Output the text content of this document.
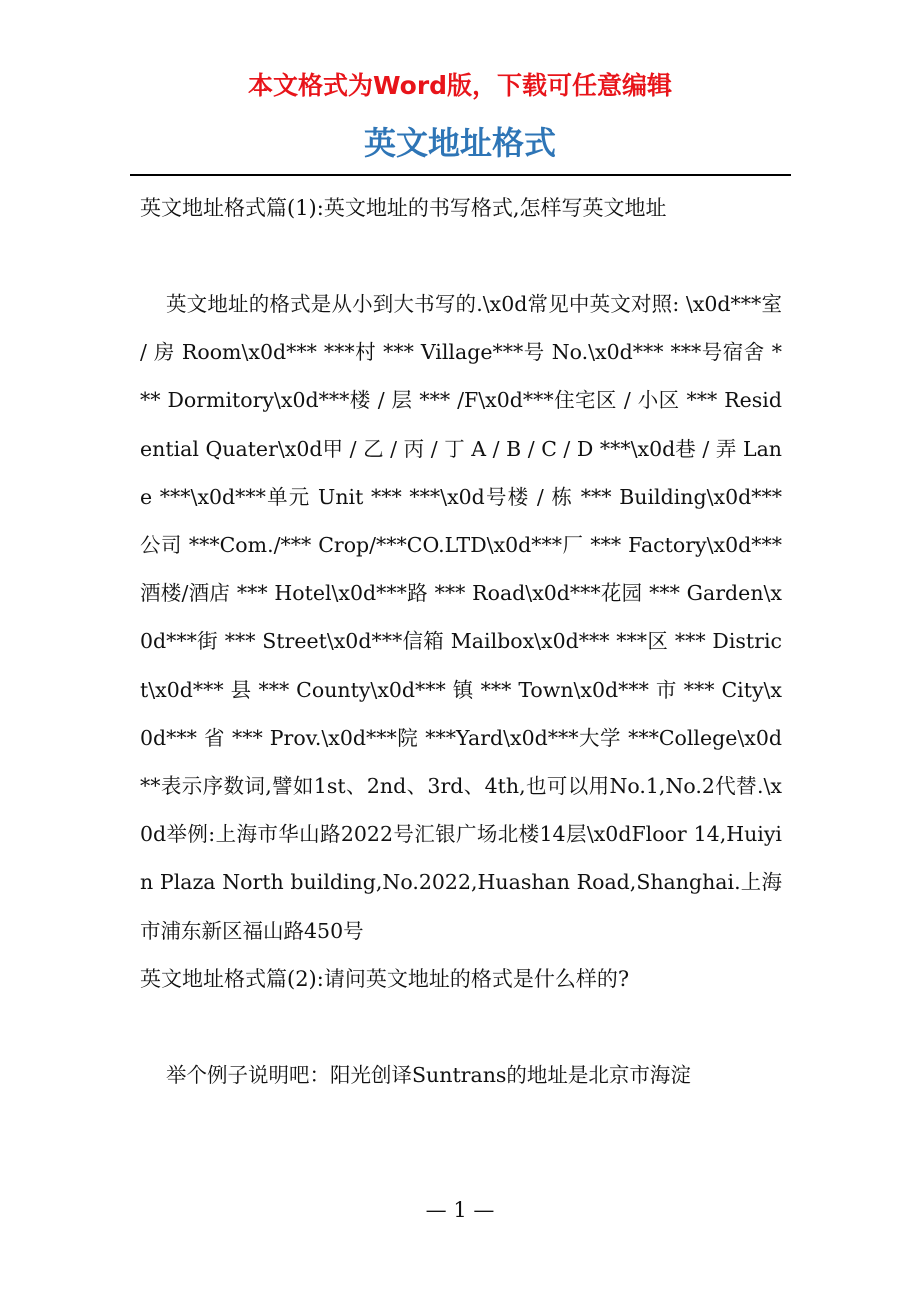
本文格式为Word版，下载可任意编辑
英文地址格式
英文地址格式篇(1):英文地址的书写格式,怎样写英文地址
英文地址的格式是从小到大书写的.\x0d常见中英文对照: \x0d***室 / 房 Room\x0d*** ***村 *** Village***号 No.\x0d*** ***号宿舍 *** Dormitory\x0d***楼 / 层 *** /F\x0d***住宅区 / 小区 *** Residential Quater\x0d甲 / 乙 / 丙 / 丁 A / B / C / D ***\x0d巷 / 弄 Lane ***\x0d***单元 Unit *** ***\x0d号楼 / 栋 *** Building\x0d***公司 ***Com./*** Crop/***CO.LTD\x0d***厂 *** Factory\x0d***酒楼/酒店 *** Hotel\x0d***路 *** Road\x0d***花园 *** Garden\x0d***街 *** Street\x0d***信箱 Mailbox\x0d*** ***区 *** District\x0d*** 县 *** County\x0d*** 镇 *** Town\x0d*** 市 *** City\x0d*** 省 *** Prov.\x0d***院 ***Yard\x0d***大学 ***College\x0d**表示序数词,譬如1st、2nd、3rd、4th,也可以用No.1,No.2代替.\x0d举例:上海市华山路2022号汇银广场北楼14层\x0dFloor 14,Huiyin Plaza North building,No.2022,Huashan Road,Shanghai.上海市浦东新区福山路450号
英文地址格式篇(2):请问英文地址的格式是什么样的?
举个例子说明吧：阳光创译Suntrans的地址是北京市海淀
— 1 —
